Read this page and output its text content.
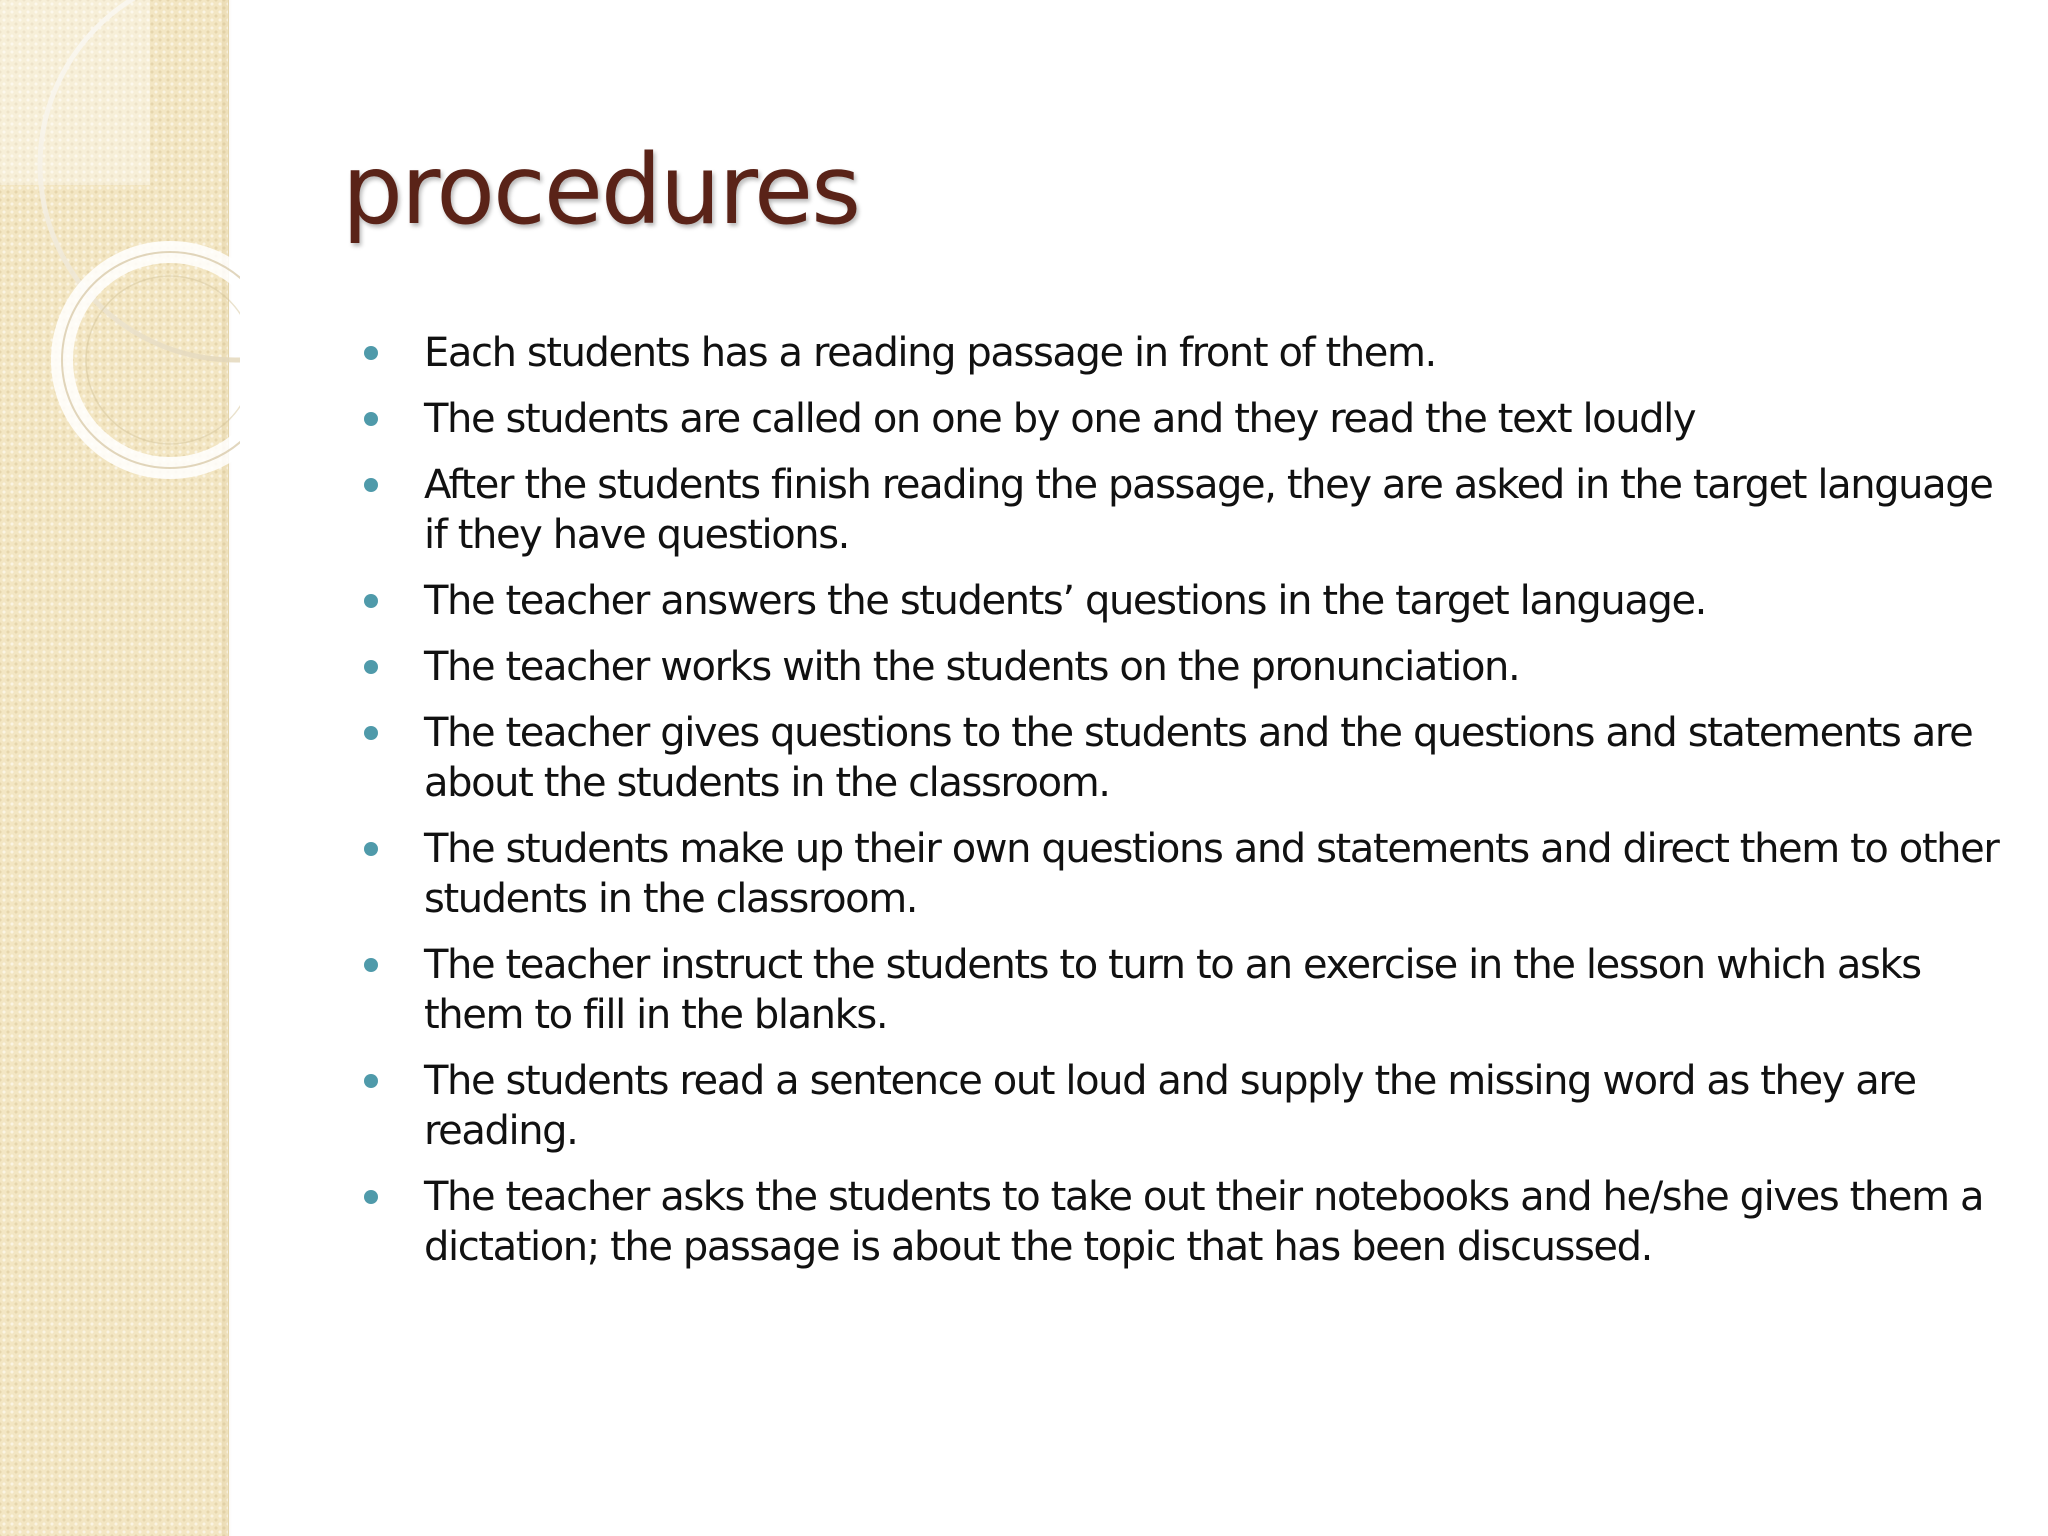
procedures
Each students has a reading passage in front of them.
The students are called on one by one and they read the text loudly
After the students finish reading the passage, they are asked in the target language if they have questions.
The teacher answers the students’ questions in the target language.
The teacher works with the students on the pronunciation.
The teacher gives questions to the students and the questions and statements are about the students in the classroom.
The students make up their own questions and statements and direct them to other students in the classroom.
The teacher instruct the students to turn to an exercise in the lesson which asks them to fill in the blanks.
The students read a sentence out loud and supply the missing word as they are reading.
The teacher asks the students to take out their notebooks and he/she gives them a dictation; the passage is about the topic that has been discussed.
